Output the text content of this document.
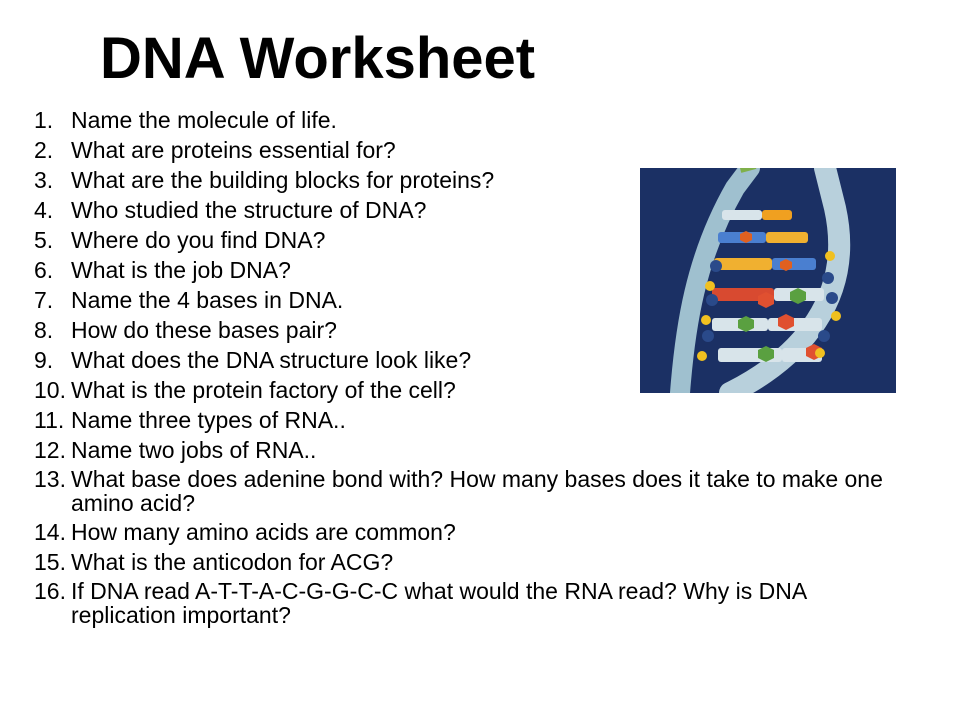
DNA Worksheet
1. Name the molecule of life.
2. What are proteins essential for?
3. What are the building blocks for proteins?
4. Who studied the structure of DNA?
5. Where do you find DNA?
6. What is the job DNA?
7. Name the 4 bases in DNA.
8. How do these bases pair?
9. What does the DNA structure look like?
10. What is the protein factory of the cell?
11. Name three types of RNA..
12. Name two jobs of RNA..
13. What base does adenine bond with? How many bases does it take to make one amino acid?
14. How many amino acids are common?
15. What is the anticodon for ACG?
16. If DNA read A-T-T-A-C-G-G-C-C what would the RNA read? Why is DNA replication important?
